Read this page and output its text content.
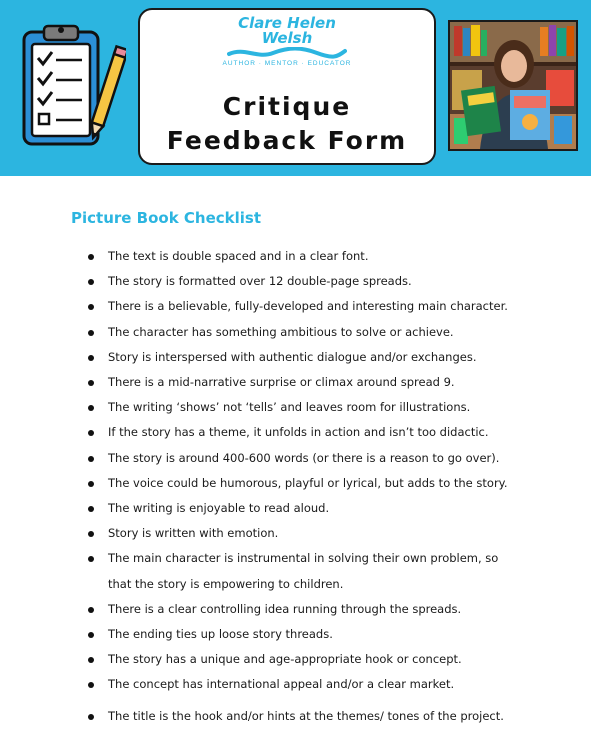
Clare Helen
Welsh
AUTHOR · MENTOR · EDUCATOR
Critique
Feedback Form
Picture Book Checklist
The text is double spaced and in a clear font.
The story is formatted over 12 double-page spreads.
There is a believable, fully-developed and interesting main character.
The character has something ambitious to solve or achieve.
Story is interspersed with authentic dialogue and/or exchanges.
There is a mid-narrative surprise or climax around spread 9.
The writing ‘shows’ not ‘tells’ and leaves room for illustrations.
If the story has a theme, it unfolds in action and isn’t too didactic.
The story is around 400-600 words (or there is a reason to go over).
The voice could be humorous, playful or lyrical, but adds to the story.
The writing is enjoyable to read aloud.
Story is written with emotion.
The main character is instrumental in solving their own problem, so
that the story is empowering to children.
There is a clear controlling idea running through the spreads.
The ending ties up loose story threads.
The story has a unique and age-appropriate hook or concept.
The concept has international appeal and/or a clear market.
The title is the hook and/or hints at the themes/ tones of the project.
